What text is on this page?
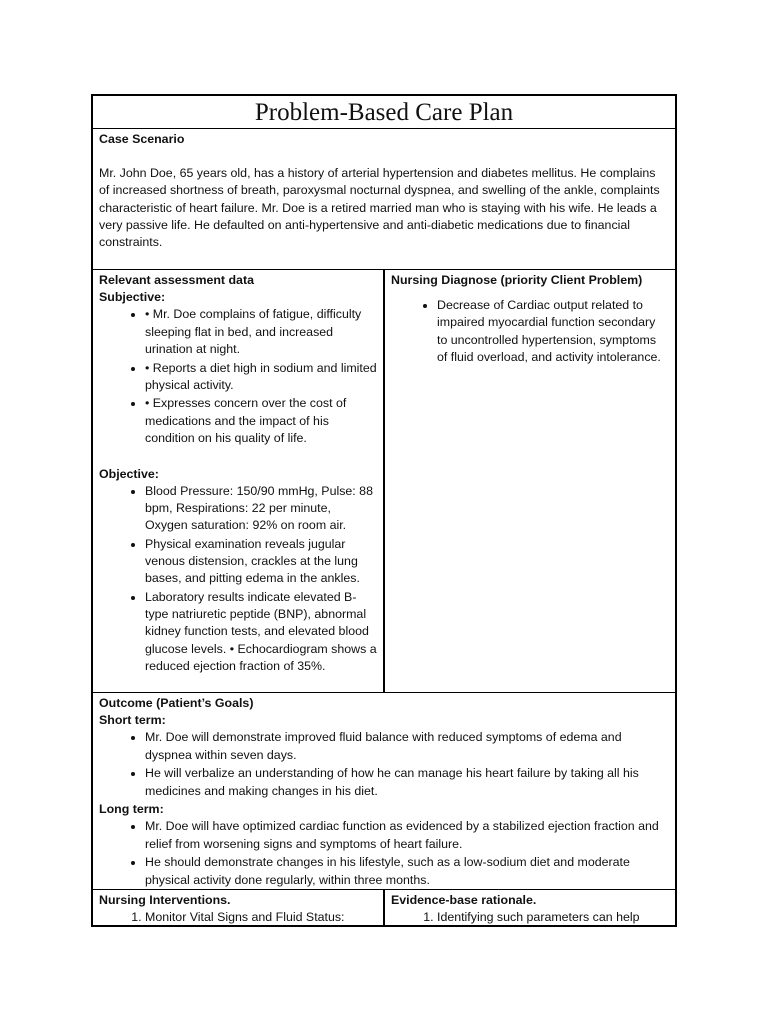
Problem-Based Care Plan
Case Scenario
Mr. John Doe, 65 years old, has a history of arterial hypertension and diabetes mellitus. He complains of increased shortness of breath, paroxysmal nocturnal dyspnea, and swelling of the ankle, complaints characteristic of heart failure. Mr. Doe is a retired married man who is staying with his wife. He leads a very passive life. He defaulted on anti-hypertensive and anti-diabetic medications due to financial constraints.
Relevant assessment data
Subjective:
• • Mr. Doe complains of fatigue, difficulty sleeping flat in bed, and increased urination at night.
• • Reports a diet high in sodium and limited physical activity.
• • Expresses concern over the cost of medications and the impact of his condition on his quality of life.
Objective:
• Blood Pressure: 150/90 mmHg, Pulse: 88 bpm, Respirations: 22 per minute, Oxygen saturation: 92% on room air.
• Physical examination reveals jugular venous distension, crackles at the lung bases, and pitting edema in the ankles.
• Laboratory results indicate elevated B-type natriuretic peptide (BNP), abnormal kidney function tests, and elevated blood glucose levels. • Echocardiogram shows a reduced ejection fraction of 35%.
Nursing Diagnose (priority Client Problem)
• Decrease of Cardiac output related to impaired myocardial function secondary to uncontrolled hypertension, symptoms of fluid overload, and activity intolerance.
Outcome (Patient’s Goals)
Short term:
• Mr. Doe will demonstrate improved fluid balance with reduced symptoms of edema and dyspnea within seven days.
• He will verbalize an understanding of how he can manage his heart failure by taking all his medicines and making changes in his diet.
Long term:
• Mr. Doe will have optimized cardiac function as evidenced by a stabilized ejection fraction and relief from worsening signs and symptoms of heart failure.
• He should demonstrate changes in his lifestyle, such as a low-sodium diet and moderate physical activity done regularly, within three months.
Nursing Interventions.
1. Monitor Vital Signs and Fluid Status:
Evidence-base rationale.
1. Identifying such parameters can help
